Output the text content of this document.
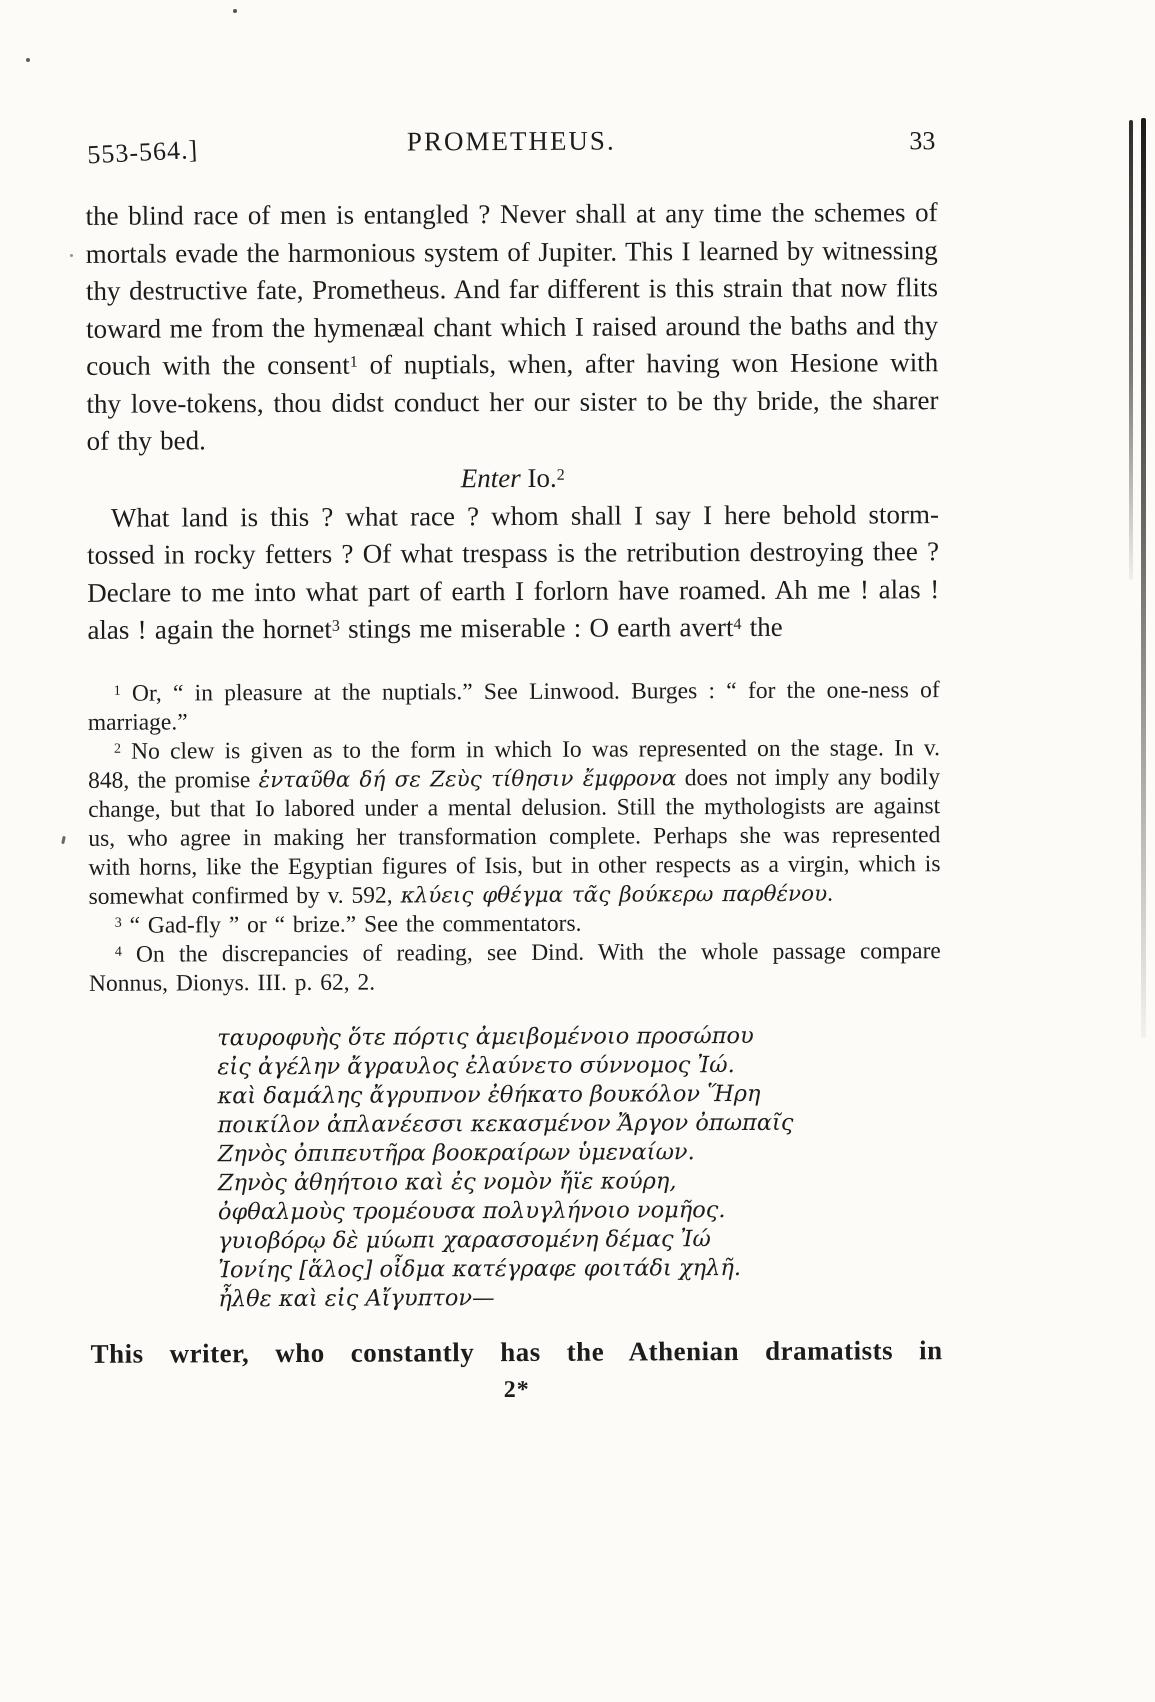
553-564.]	PROMETHEUS.	33

the blind race of men is entangled ? Never shall at any time the schemes of mortals evade the harmonious system of Jupiter. This I learned by witnessing thy destructive fate, Prometheus. And far different is this strain that now flits toward me from the hymenæal chant which I raised around the baths and thy couch with the consent$^1$ of nuptials, when, after having won Hesione with thy love-tokens, thou didst conduct her our sister to be thy bride, the sharer of thy bed.

Enter Io.$^2$

What land is this ? what race ? whom shall I say I here behold storm-tossed in rocky fetters ? Of what trespass is the retribution destroying thee ? Declare to me into what part of earth I forlorn have roamed. Ah me ! alas ! alas ! again the hornet$^3$ stings me miserable : O earth avert$^4$ the

$^1$ Or, “ in pleasure at the nuptials.” See Linwood. Burges : “ for the one-ness of marriage.”

$^2$ No clew is given as to the form in which Io was represented on the stage. In v. 848, the promise ἐνταῦθα δή σε Ζεὺς τίθησιν ἔμφρονα does not imply any bodily change, but that Io labored under a mental delusion. Still the mythologists are against us, who agree in making her transformation complete. Perhaps she was represented with horns, like the Egyptian figures of Isis, but in other respects as a virgin, which is somewhat confirmed by v. 592, κλύεις φθέγμα τᾶς βούκερω παρθένου.

$^3$ “ Gad-fly ” or “ brize.” See the commentators.

$^4$ On the discrepancies of reading, see Dind. With the whole passage compare Nonnus, Dionys. III. p. 62, 2.

ταυροφυὴς ὅτε πόρτις ἀμειβομένοιο προσώπου
εἰς ἀγέλην ἄγραυλος ἐλαύνετο σύννομος Ἰώ.
καὶ δαμάλης ἄγρυπνον ἐθήκατο βουκόλον Ἥρη
ποικίλον ἀπλανέεσσι κεκασμένον Ἄργον ὀπωπαῖς
Ζηνὸς ὀπιπευτῆρα βοοκραίρων ὑμεναίων.
Ζηνὸς ἀθηήτοιο καὶ ἐς νομὸν ἤϊε κούρη,
ὀφθαλμοὺς τρομέουσα πολυγλήνοιο νομῆος.
γυιοβόρῳ δὲ μύωπι χαρασσομένη δέμας Ἰώ
Ἰονίης [ἅλος] οἶδμα κατέγραφε φοιτάδι χηλῆ.
ἦλθε καὶ εἰς Αἴγυπτον—

This writer, who constantly has the Athenian dramatists in

2*
